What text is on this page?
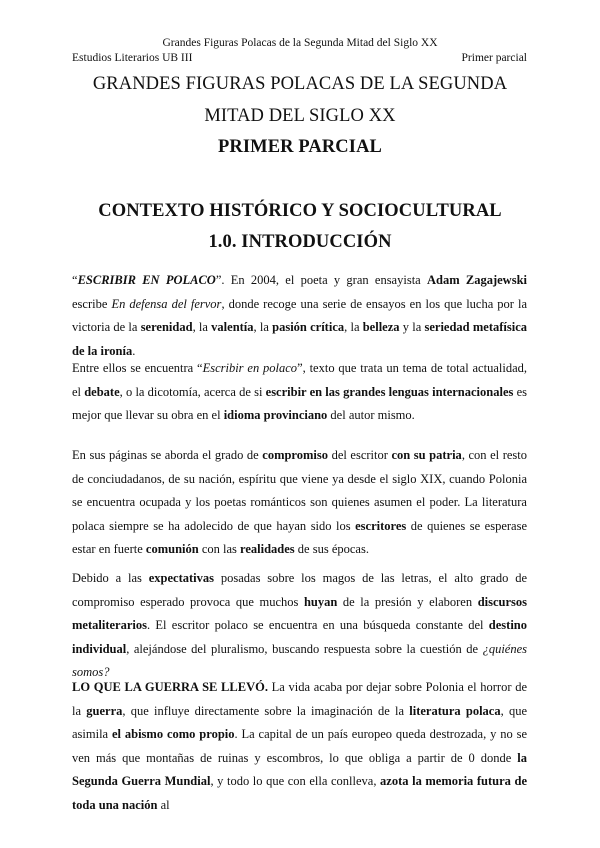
Grandes Figuras Polacas de la Segunda Mitad del Siglo XX
Estudios Literarios UB III	Primer parcial
GRANDES FIGURAS POLACAS DE LA SEGUNDA
MITAD DEL SIGLO XX
PRIMER PARCIAL
CONTEXTO HISTÓRICO Y SOCIOCULTURAL
1.0. INTRODUCCIÓN

“ESCRIBIR EN POLACO”. En 2004, el poeta y gran ensayista Adam Zagajewski escribe En defensa del fervor, donde recoge una serie de ensayos en los que lucha por la victoria de la serenidad, la valentía, la pasión crítica, la belleza y la seriedad metafísica de la ironía.

Entre ellos se encuentra “Escribir en polaco”, texto que trata un tema de total actualidad, el debate, o la dicotomía, acerca de si escribir en las grandes lenguas internacionales es mejor que llevar su obra en el idioma provinciano del autor mismo.

En sus páginas se aborda el grado de compromiso del escritor con su patria, con el resto de conciudadanos, de su nación, espíritu que viene ya desde el siglo XIX, cuando Polonia se encuentra ocupada y los poetas románticos son quienes asumen el poder. La literatura polaca siempre se ha adolecido de que hayan sido los escritores de quienes se esperase estar en fuerte comunión con las realidades de sus épocas.

Debido a las expectativas posadas sobre los magos de las letras, el alto grado de compromiso esperado provoca que muchos huyan de la presión y elaboren discursos metaliterarios. El escritor polaco se encuentra en una búsqueda constante del destino individual, alejándose del pluralismo, buscando respuesta sobre la cuestión de ¿quiénes somos?

LO QUE LA GUERRA SE LLEVÓ. La vida acaba por dejar sobre Polonia el horror de la guerra, que influye directamente sobre la imaginación de la literatura polaca, que asimila el abismo como propio. La capital de un país europeo queda destrozada, y no se ven más que montañas de ruinas y escombros, lo que obliga a partir de 0 donde la Segunda Guerra Mundial, y todo lo que con ella conlleva, azota la memoria futura de toda una nación al
